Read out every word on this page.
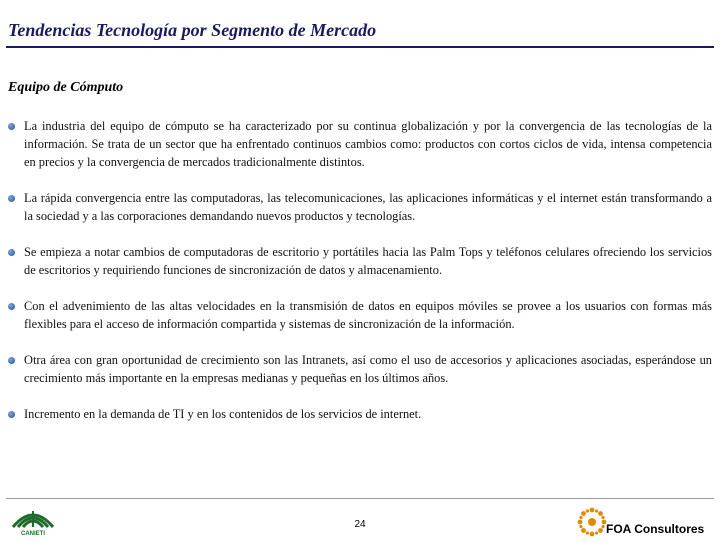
Tendencias Tecnología por Segmento de Mercado
Equipo de Cómputo
La industria del equipo de cómputo se ha caracterizado por su continua globalización y por la convergencia de las tecnologías de la información. Se trata de un sector que ha enfrentado continuos cambios como: productos con cortos ciclos de vida, intensa competencia en precios y la convergencia de mercados tradicionalmente distintos.
La rápida convergencia entre las computadoras, las telecomunicaciones, las aplicaciones informáticas y el internet están transformando a la sociedad y a las corporaciones demandando nuevos productos y tecnologías.
Se empieza a notar cambios de computadoras de escritorio y portátiles hacia las Palm Tops y teléfonos celulares ofreciendo los servicios de escritorios y requiriendo funciones de sincronización de datos y almacenamiento.
Con el advenimiento de las altas velocidades en la transmisión de datos en equipos móviles se provee a los usuarios con formas más flexibles para el acceso de información compartida y sistemas de sincronización de la información.
Otra área con gran oportunidad de crecimiento son las Intranets, así como el uso de accesorios y aplicaciones asociadas, esperándose un crecimiento más importante en la empresas medianas y pequeñas en los últimos años.
Incremento en la demanda de TI y en los contenidos de los servicios de internet.
CANIETI
24	FOA Consultores
